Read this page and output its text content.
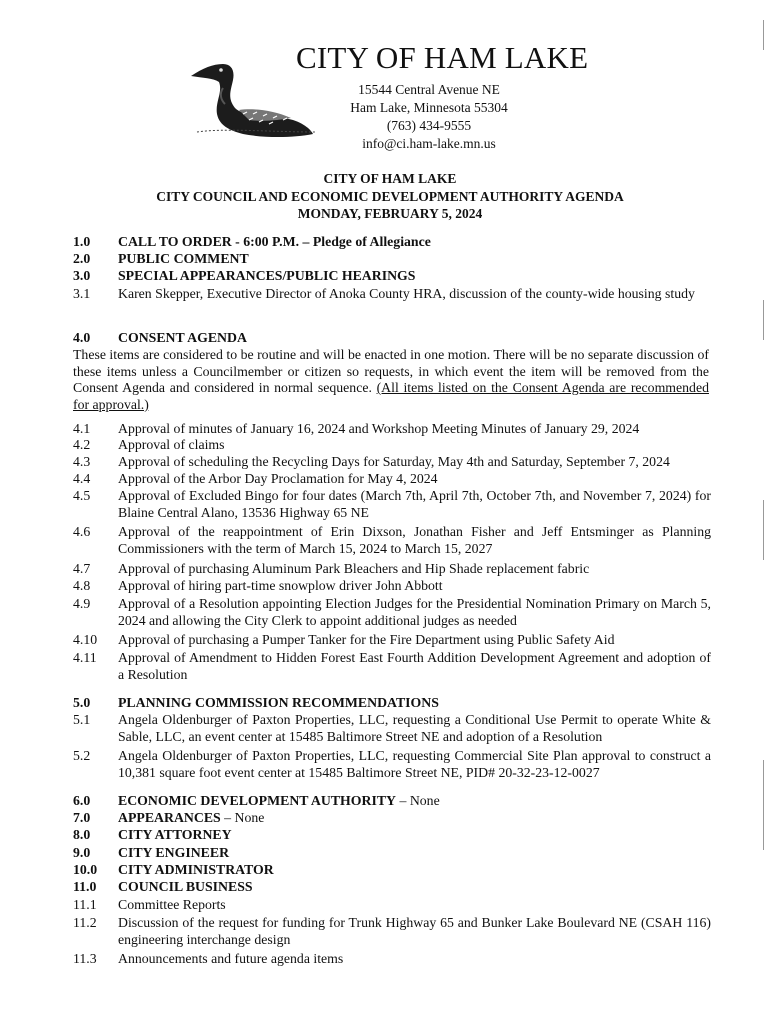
CITY OF HAM LAKE
15544 Central Avenue NE
Ham Lake, Minnesota 55304
(763) 434-9555
info@ci.ham-lake.mn.us
CITY OF HAM LAKE
CITY COUNCIL AND ECONOMIC DEVELOPMENT AUTHORITY AGENDA
MONDAY, FEBRUARY 5, 2024
1.0	CALL TO ORDER - 6:00 P.M. – Pledge of Allegiance
2.0	PUBLIC COMMENT
3.0	SPECIAL APPEARANCES/PUBLIC HEARINGS
3.1	Karen Skepper, Executive Director of Anoka County HRA, discussion of the county-wide housing study
4.0	CONSENT AGENDA
These items are considered to be routine and will be enacted in one motion. There will be no separate discussion of these items unless a Councilmember or citizen so requests, in which event the item will be removed from the Consent Agenda and considered in normal sequence. (All items listed on the Consent Agenda are recommended for approval.)
4.1	Approval of minutes of January 16, 2024 and Workshop Meeting Minutes of January 29, 2024
4.2	Approval of claims
4.3	Approval of scheduling the Recycling Days for Saturday, May 4th and Saturday, September 7, 2024
4.4	Approval of the Arbor Day Proclamation for May 4, 2024
4.5	Approval of Excluded Bingo for four dates (March 7th, April 7th, October 7th, and November 7, 2024) for Blaine Central Alano, 13536 Highway 65 NE
4.6	Approval of the reappointment of Erin Dixson, Jonathan Fisher and Jeff Entsminger as Planning Commissioners with the term of March 15, 2024 to March 15, 2027
4.7	Approval of purchasing Aluminum Park Bleachers and Hip Shade replacement fabric
4.8	Approval of hiring part-time snowplow driver John Abbott
4.9	Approval of a Resolution appointing Election Judges for the Presidential Nomination Primary on March 5, 2024 and allowing the City Clerk to appoint additional judges as needed
4.10	Approval of purchasing a Pumper Tanker for the Fire Department using Public Safety Aid
4.11	Approval of Amendment to Hidden Forest East Fourth Addition Development Agreement and adoption of a Resolution
5.0	PLANNING COMMISSION RECOMMENDATIONS
5.1	Angela Oldenburger of Paxton Properties, LLC, requesting a Conditional Use Permit to operate White & Sable, LLC, an event center at 15485 Baltimore Street NE and adoption of a Resolution
5.2	Angela Oldenburger of Paxton Properties, LLC, requesting Commercial Site Plan approval to construct a 10,381 square foot event center at 15485 Baltimore Street NE, PID# 20-32-23-12-0027
6.0	ECONOMIC DEVELOPMENT AUTHORITY – None
7.0	APPEARANCES – None
8.0	CITY ATTORNEY
9.0	CITY ENGINEER
10.0	CITY ADMINISTRATOR
11.0	COUNCIL BUSINESS
11.1	Committee Reports
11.2	Discussion of the request for funding for Trunk Highway 65 and Bunker Lake Boulevard NE (CSAH 116) engineering interchange design
11.3	Announcements and future agenda items
